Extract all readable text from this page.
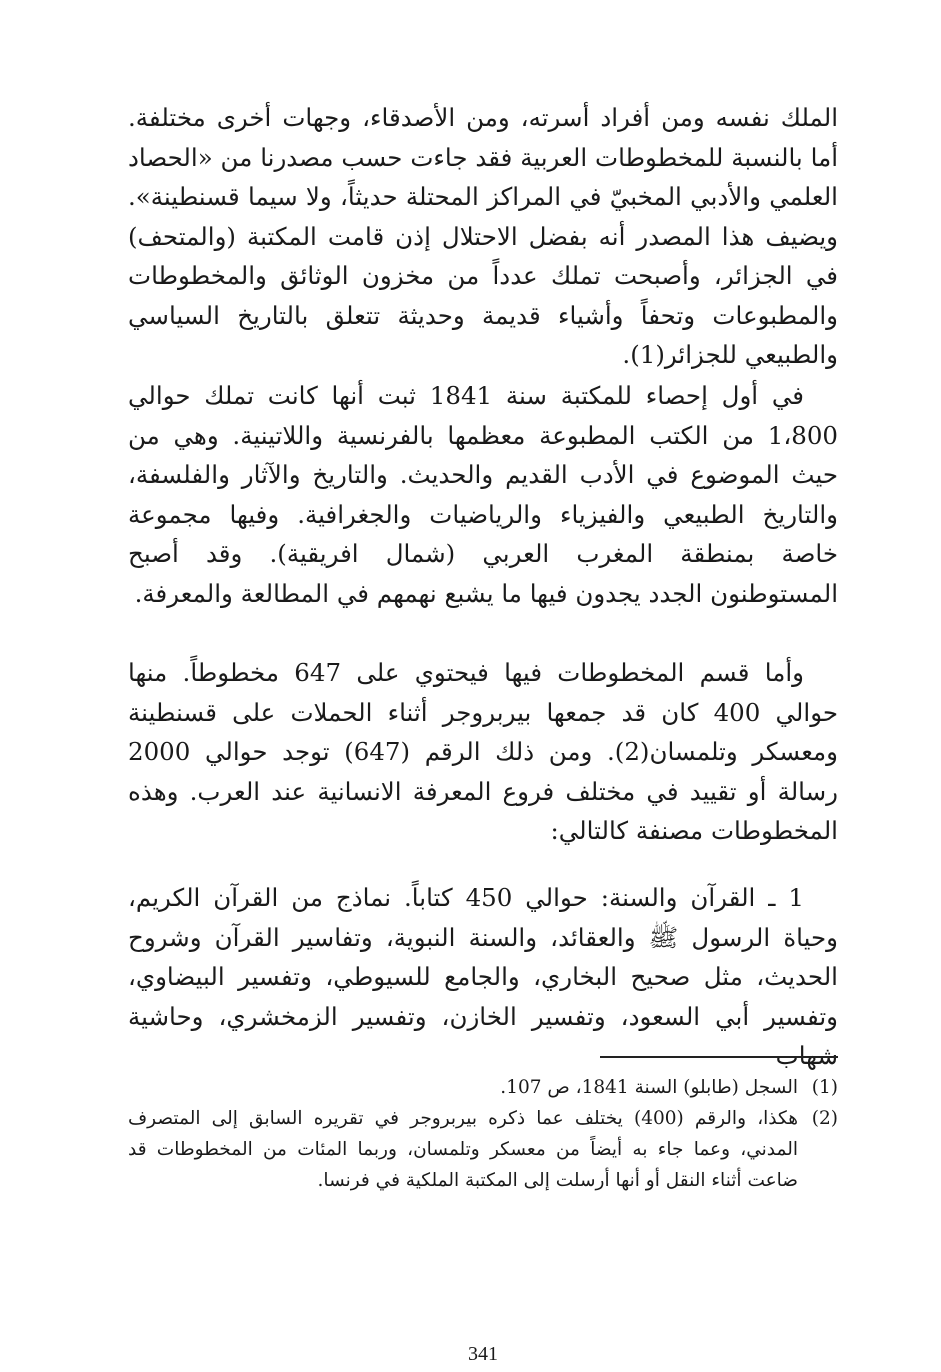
الملك نفسه ومن أفراد أسرته، ومن الأصدقاء، وجهات أخرى مختلفة. أما بالنسبة للمخطوطات العربية فقد جاءت حسب مصدرنا من «الحصاد العلمي والأدبي المخبيّ في المراكز المحتلة حديثاً، ولا سيما قسنطينة». ويضيف هذا المصدر أنه بفضل الاحتلال إذن قامت المكتبة (والمتحف) في الجزائر، وأصبحت تملك عدداً من مخزون الوثائق والمخطوطات والمطبوعات وتحفاً وأشياء قديمة وحديثة تتعلق بالتاريخ السياسي والطبيعي للجزائر(1).

في أول إحصاء للمكتبة سنة 1841 ثبت أنها كانت تملك حوالي 1،800 من الكتب المطبوعة معظمها بالفرنسية واللاتينية. وهي من حيث الموضوع في الأدب القديم والحديث. والتاريخ والآثار والفلسفة، والتاريخ الطبيعي والفيزياء والرياضيات والجغرافية. وفيها مجموعة خاصة بمنطقة المغرب العربي (شمال افريقية). وقد أصبح المستوطنون الجدد يجدون فيها ما يشبع نهمهم في المطالعة والمعرفة.

وأما قسم المخطوطات فيها فيحتوي على 647 مخطوطاً. منها حوالي 400 كان قد جمعها بيربروجر أثناء الحملات على قسنطينة ومعسكر وتلمسان(2). ومن ذلك الرقم (647) توجد حوالي 2000 رسالة أو تقييد في مختلف فروع المعرفة الانسانية عند العرب. وهذه المخطوطات مصنفة كالتالي:

1 ـ القرآن والسنة: حوالي 450 كتاباً. نماذج من القرآن الكريم، وحياة الرسول ﷺ والعقائد، والسنة النبوية، وتفاسير القرآن وشروح الحديث، مثل صحيح البخاري، والجامع للسيوطي، وتفسير البيضاوي، وتفسير أبي السعود، وتفسير الخازن، وتفسير الزمخشري، وحاشية شهاب

(1)
السجل (طابلو) السنة 1841، ص 107.
(2)
هكذا، والرقم (400) يختلف عما ذكره بيربروجر في تقريره السابق إلى المتصرف المدني، وعما جاء به أيضاً من معسكر وتلمسان، وربما المئات من المخطوطات قد ضاعت أثناء النقل أو أنها أرسلت إلى المكتبة الملكية في فرنسا.
341
